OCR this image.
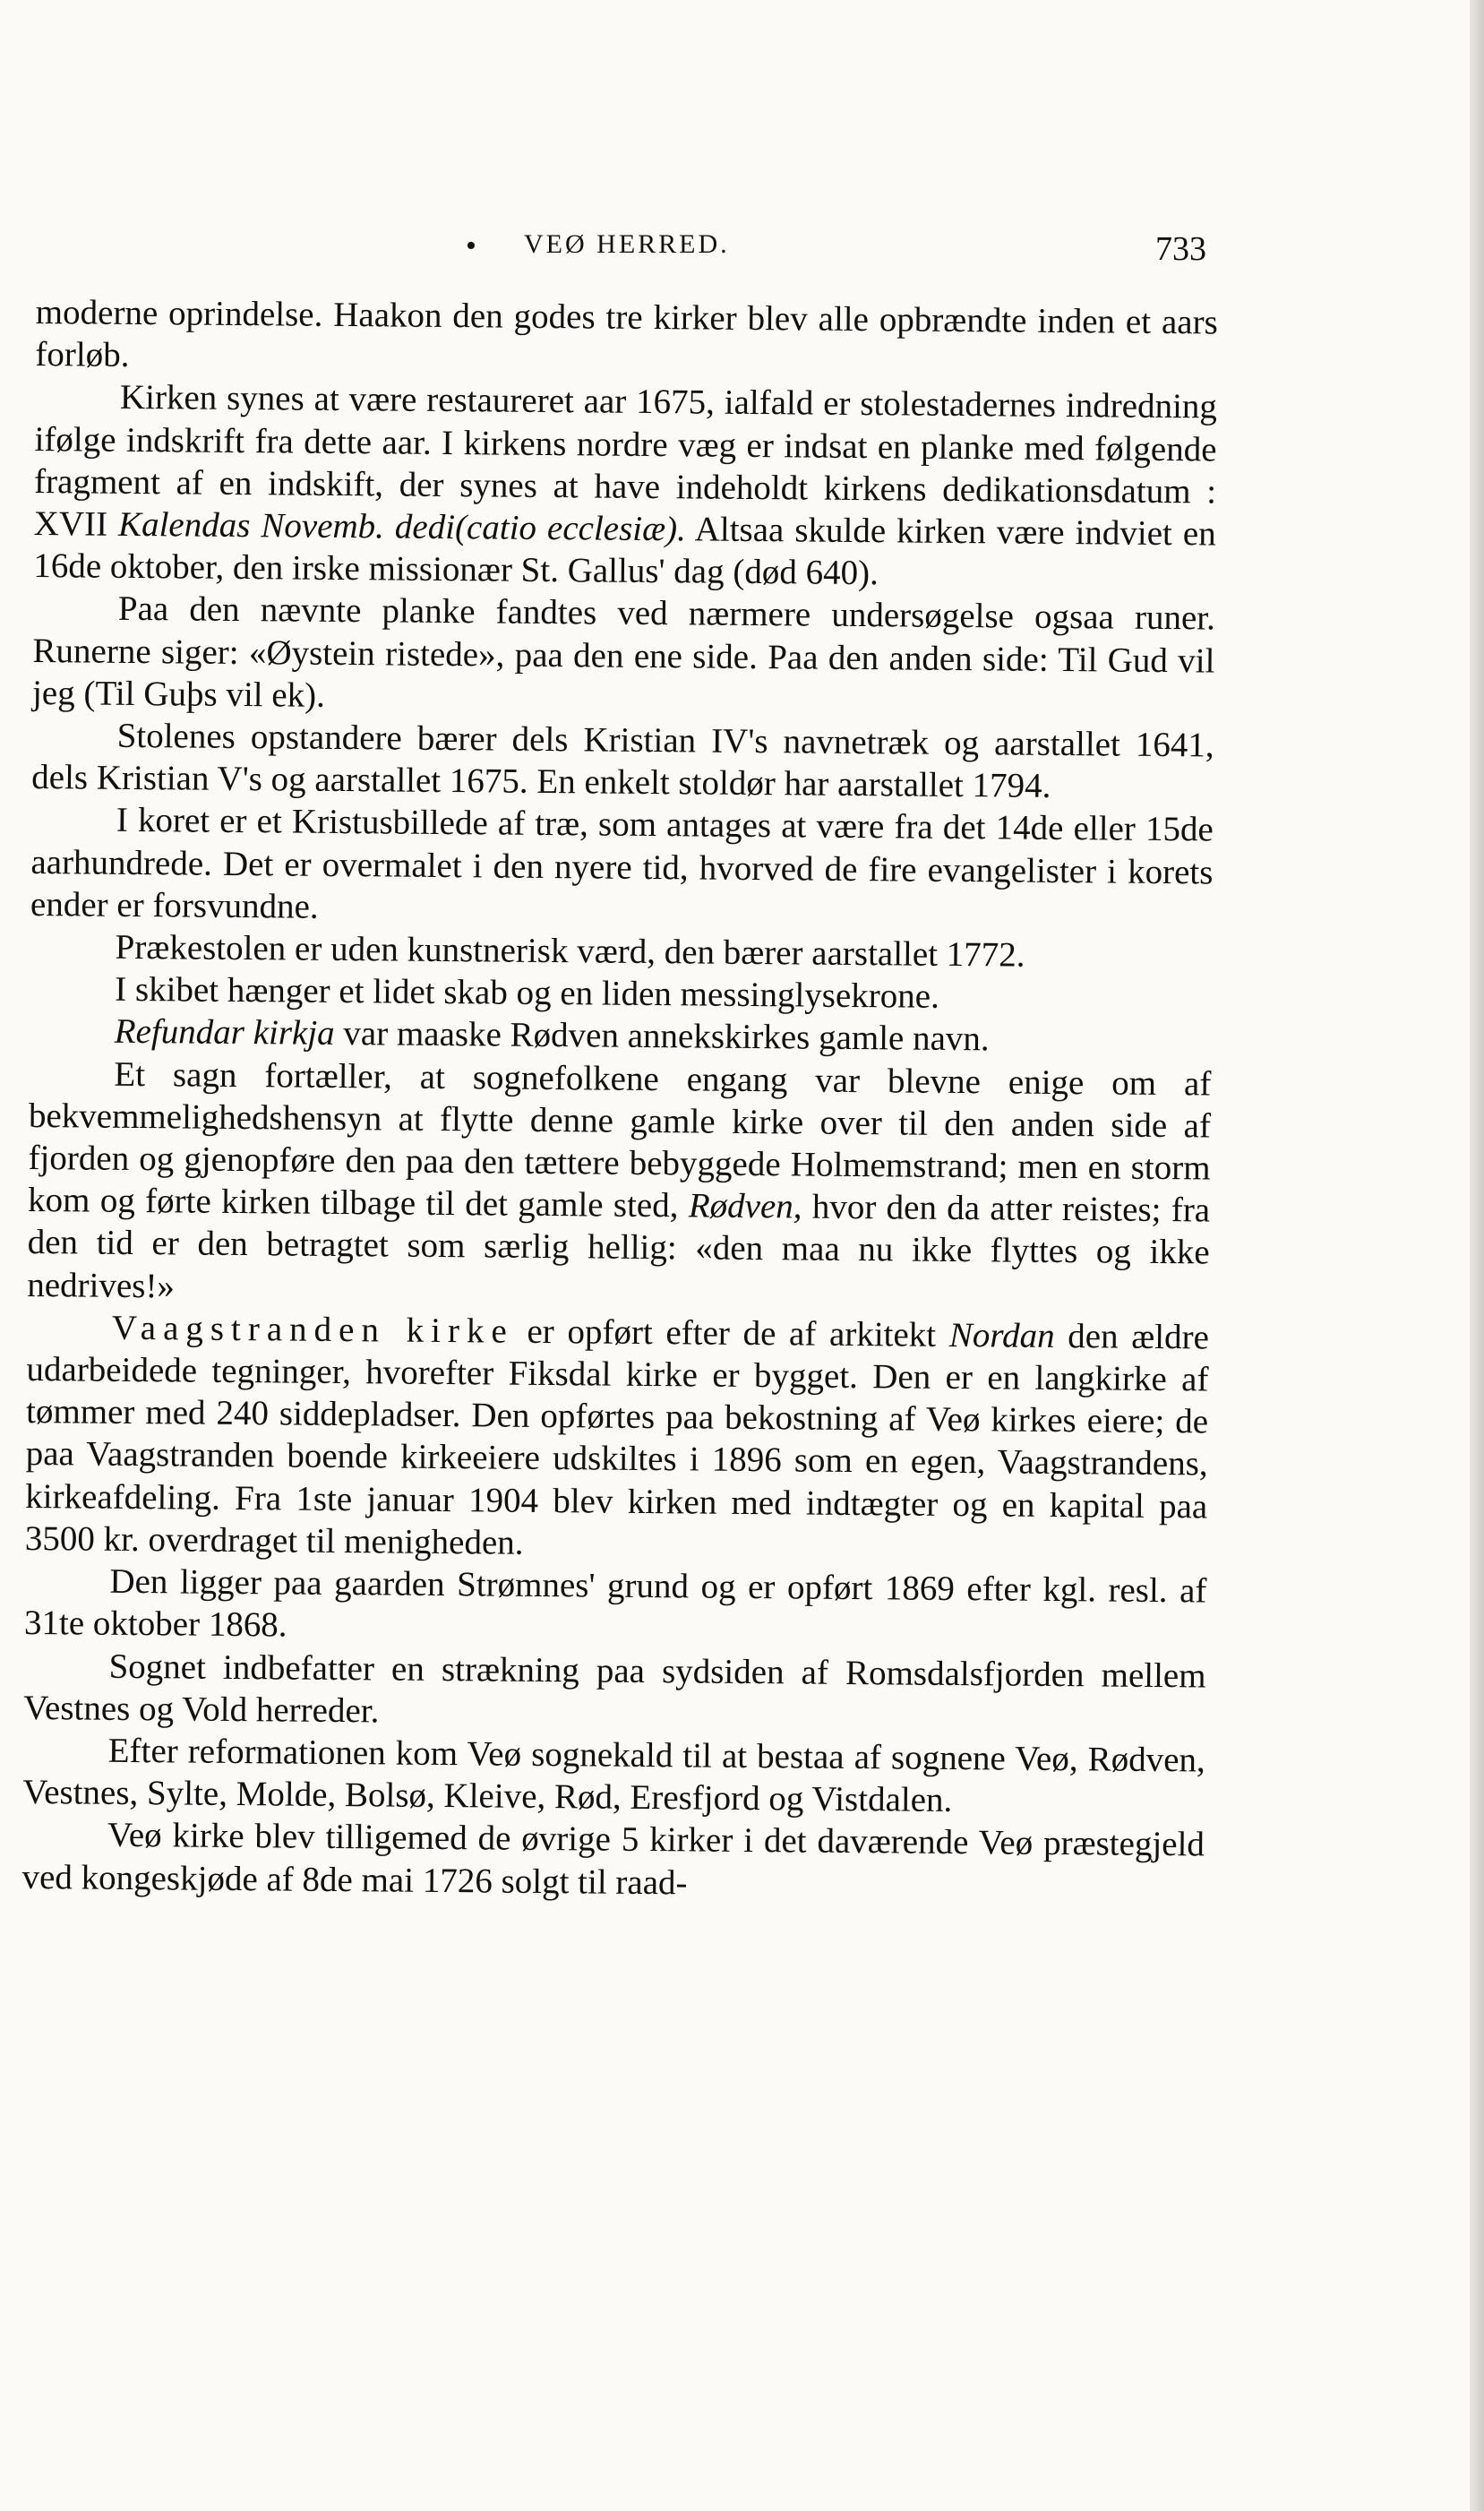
• VEØ HERRED.	733

moderne oprindelse. Haakon den godes tre kirker blev alle opbrændte inden et aars forløb.

Kirken synes at være restaureret aar 1675, ialfald er stolestadernes indredning ifølge indskrift fra dette aar. I kirkens nordre væg er indsat en planke med følgende fragment af en indskift, der synes at have indeholdt kirkens dedikationsdatum : XVII Kalendas Novemb. dedi(catio ecclesiæ). Altsaa skulde kirken være indviet en 16de oktober, den irske missionær St. Gallus' dag (død 640).

Paa den nævnte planke fandtes ved nærmere undersøgelse ogsaa runer. Runerne siger: «Øystein ristede», paa den ene side. Paa den anden side: Til Gud vil jeg (Til Guþs vil ek).

Stolenes opstandere bærer dels Kristian IV's navnetræk og aarstallet 1641, dels Kristian V's og aarstallet 1675. En enkelt stoldør har aarstallet 1794.

I koret er et Kristusbillede af træ, som antages at være fra det 14de eller 15de aarhundrede. Det er overmalet i den nyere tid, hvorved de fire evangelister i korets ender er forsvundne.

Prækestolen er uden kunstnerisk værd, den bærer aarstallet 1772.

I skibet hænger et lidet skab og en liden messinglysekrone.

Refundar kirkja var maaske Rødven annekskirkes gamle navn.

Et sagn fortæller, at sognefolkene engang var blevne enige om af bekvemmelighedshensyn at flytte denne gamle kirke over til den anden side af fjorden og gjenopføre den paa den tættere bebyggede Holmemstrand; men en storm kom og førte kirken tilbage til det gamle sted, Rødven, hvor den da atter reistes; fra den tid er den betragtet som særlig hellig: «den maa nu ikke flyttes og ikke nedrives!»

Vaagstranden kirke er opført efter de af arkitekt Nordan den ældre udarbeidede tegninger, hvorefter Fiksdal kirke er bygget. Den er en langkirke af tømmer med 240 siddepladser. Den opførtes paa bekostning af Veø kirkes eiere; de paa Vaagstranden boende kirkeeiere udskiltes i 1896 som en egen, Vaagstrandens, kirkeafdeling. Fra 1ste januar 1904 blev kirken med indtægter og en kapital paa 3500 kr. overdraget til menigheden.

Den ligger paa gaarden Strømnes' grund og er opført 1869 efter kgl. resl. af 31te oktober 1868.

Sognet indbefatter en strækning paa sydsiden af Romsdalsfjorden mellem Vestnes og Vold herreder.

Efter reformationen kom Veø sognekald til at bestaa af sognene Veø, Rødven, Vestnes, Sylte, Molde, Bolsø, Kleive, Rød, Eresfjord og Vistdalen.

Veø kirke blev tilligemed de øvrige 5 kirker i det daværende Veø præstegjeld ved kongeskjøde af 8de mai 1726 solgt til raad-
